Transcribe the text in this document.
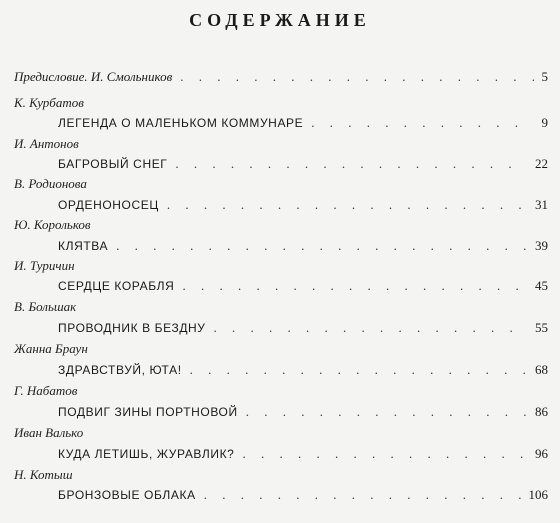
СОДЕРЖАНИЕ
Предисловие. И. Смольников . . .	5
К. Курбатов
ЛЕГЕНДА О МАЛЕНЬКОМ КОММУНАРЕ . . .	9
И. Антонов
БАГРОВЫЙ СНЕГ . . .	22
В. Родионова
ОРДЕНОНОСЕЦ . . .	31
Ю. Корольков
КЛЯТВА . . .	39
И. Туричин
СЕРДЦЕ КОРАБЛЯ . . .	45
В. Большак
ПРОВОДНИК В БЕЗДНУ . . .	55
Жанна Браун
ЗДРАВСТВУЙ, ЮТА! . . .	68
Г. Набатов
ПОДВИГ ЗИНЫ ПОРТНОВОЙ . . .	86
Иван Валько
КУДА ЛЕТИШЬ, ЖУРАВЛИК? . . .	96
Н. Котыш
БРОНЗОВЫЕ ОБЛАКА . . .	106
